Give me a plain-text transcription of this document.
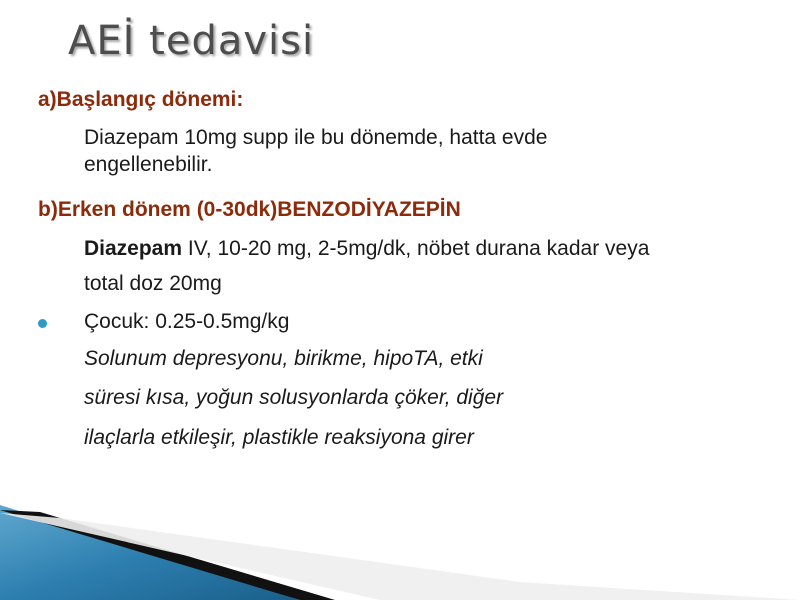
AEİ tedavisi
a)Başlangıç dönemi:
Diazepam 10mg supp ile bu dönemde, hatta evde
engellenebilir.
b)Erken dönem (0-30dk)BENZODİYAZEPİN
Diazepam IV, 10-20 mg, 2-5mg/dk, nöbet durana kadar veya
total doz 20mg
Çocuk: 0.25-0.5mg/kg
Solunum depresyonu, birikme, hipoTA, etki
süresi kısa, yoğun solusyonlarda çöker, diğer
ilaçlarla etkileşir, plastikle reaksiyona girer
